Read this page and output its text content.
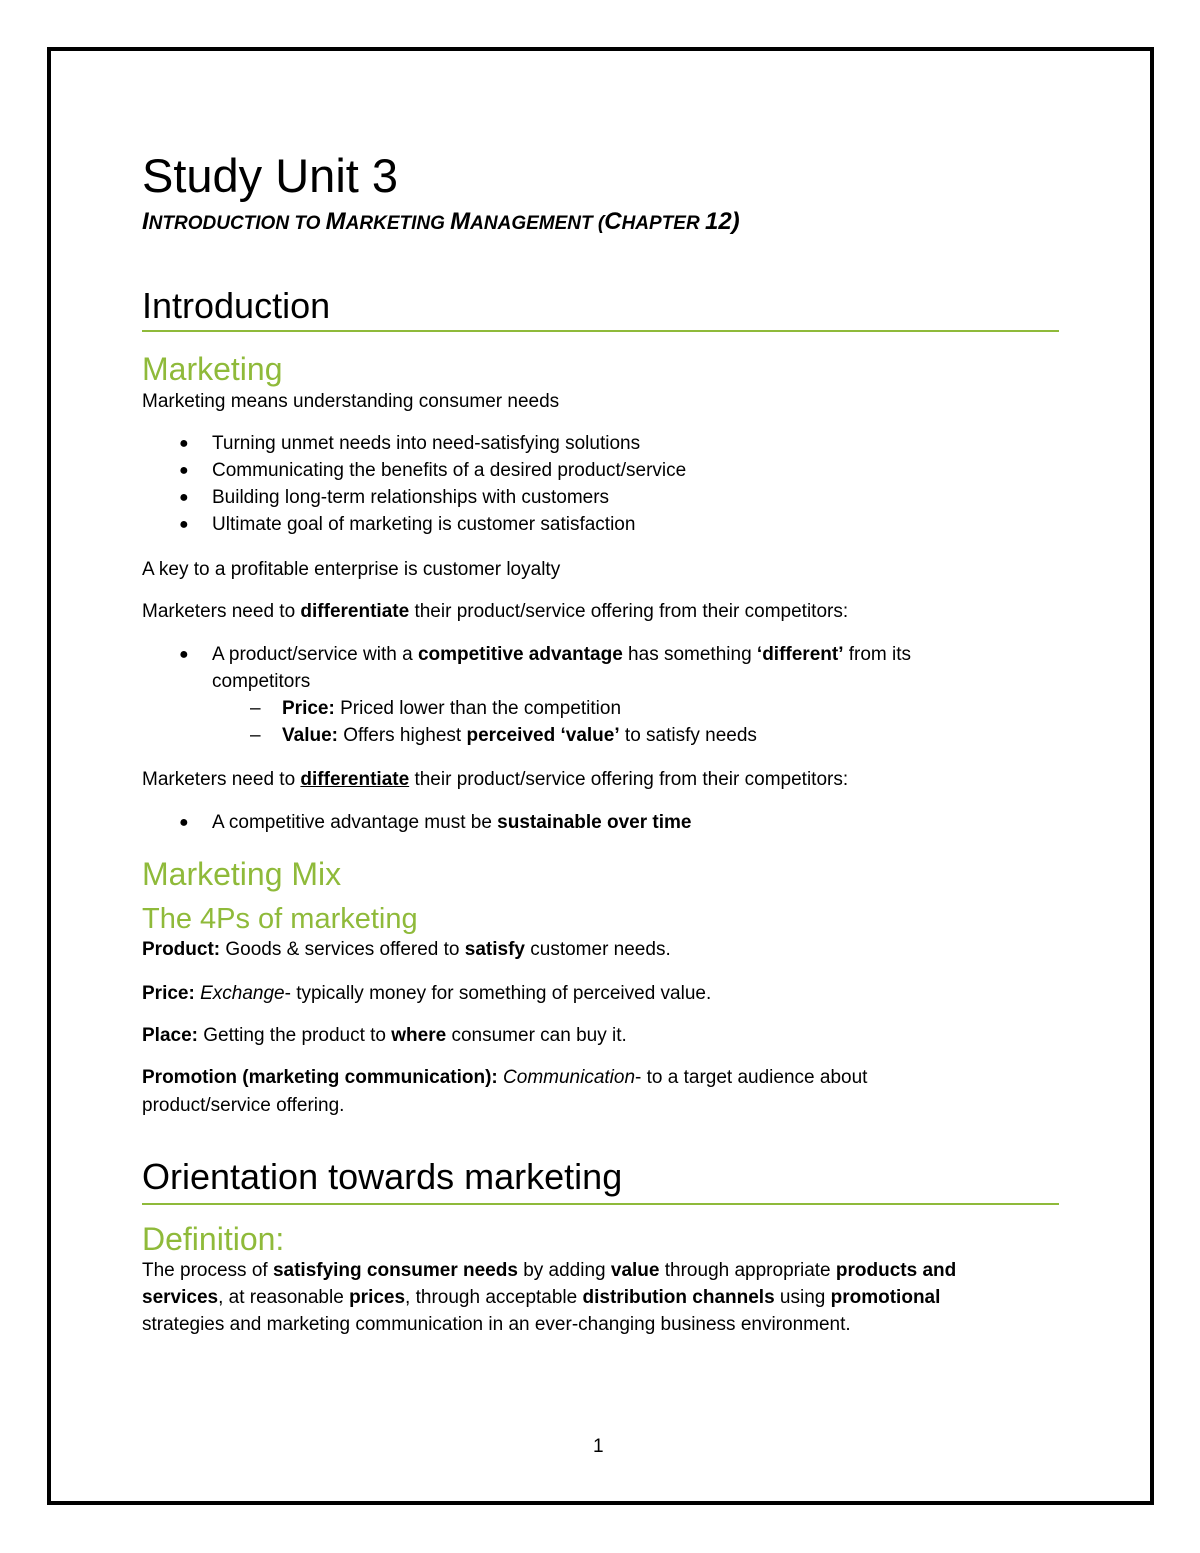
Study Unit 3
INTRODUCTION TO MARKETING MANAGEMENT (CHAPTER 12)
Introduction
Marketing
Marketing means understanding consumer needs
● Turning unmet needs into need-satisfying solutions
● Communicating the benefits of a desired product/service
● Building long-term relationships with customers
● Ultimate goal of marketing is customer satisfaction
A key to a profitable enterprise is customer loyalty
Marketers need to differentiate their product/service offering from their competitors:
● A product/service with a competitive advantage has something ‘different’ from its
competitors
– Price: Priced lower than the competition
– Value: Offers highest perceived ‘value’ to satisfy needs
Marketers need to differentiate their product/service offering from their competitors:
● A competitive advantage must be sustainable over time
Marketing Mix
The 4Ps of marketing
Product: Goods & services offered to satisfy customer needs.
Price: Exchange- typically money for something of perceived value.
Place: Getting the product to where consumer can buy it.
Promotion (marketing communication): Communication- to a target audience about
product/service offering.
Orientation towards marketing
Definition:
The process of satisfying consumer needs by adding value through appropriate products and
services, at reasonable prices, through acceptable distribution channels using promotional
strategies and marketing communication in an ever-changing business environment.
1
